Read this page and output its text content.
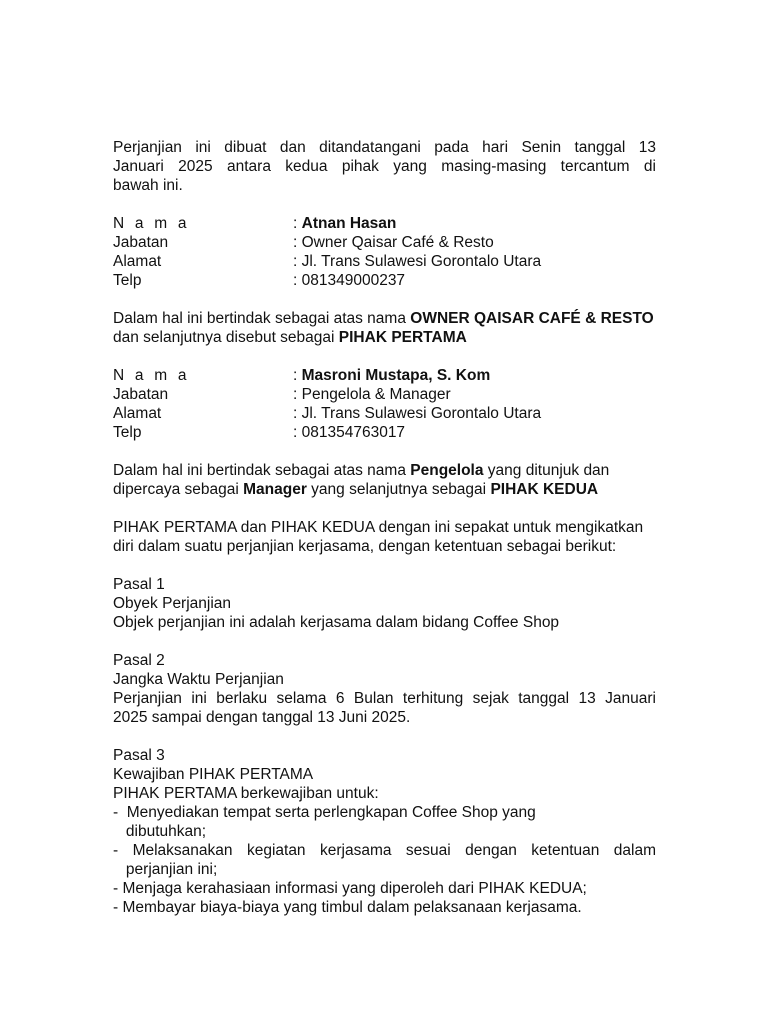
Perjanjian ini dibuat dan ditandatangani pada hari Senin tanggal 13
Januari 2025 antara kedua pihak yang masing-masing tercantum di
bawah ini.
N a m a	: Atnan Hasan
Jabatan	: Owner Qaisar Café & Resto
Alamat	: Jl. Trans Sulawesi Gorontalo Utara
Telp	: 081349000237
Dalam hal ini bertindak sebagai atas nama OWNER QAISAR CAFÉ & RESTO
dan selanjutnya disebut sebagai PIHAK PERTAMA
N a m a	: Masroni Mustapa, S. Kom
Jabatan	: Pengelola & Manager
Alamat	: Jl. Trans Sulawesi Gorontalo Utara
Telp	: 081354763017
Dalam hal ini bertindak sebagai atas nama Pengelola yang ditunjuk dan
dipercaya sebagai Manager yang selanjutnya sebagai PIHAK KEDUA
PIHAK PERTAMA dan PIHAK KEDUA dengan ini sepakat untuk mengikatkan
diri dalam suatu perjanjian kerjasama, dengan ketentuan sebagai berikut:
Pasal 1
Obyek Perjanjian
Objek perjanjian ini adalah kerjasama dalam bidang Coffee Shop
Pasal 2
Jangka Waktu Perjanjian
Perjanjian ini berlaku selama 6 Bulan terhitung sejak tanggal 13 Januari
2025 sampai dengan tanggal 13 Juni 2025.
Pasal 3
Kewajiban PIHAK PERTAMA
PIHAK PERTAMA berkewajiban untuk:
-  Menyediakan tempat serta perlengkapan Coffee Shop yang
dibutuhkan;
- Melaksanakan kegiatan kerjasama sesuai dengan ketentuan dalam
perjanjian ini;
- Menjaga kerahasiaan informasi yang diperoleh dari PIHAK KEDUA;
- Membayar biaya-biaya yang timbul dalam pelaksanaan kerjasama.
